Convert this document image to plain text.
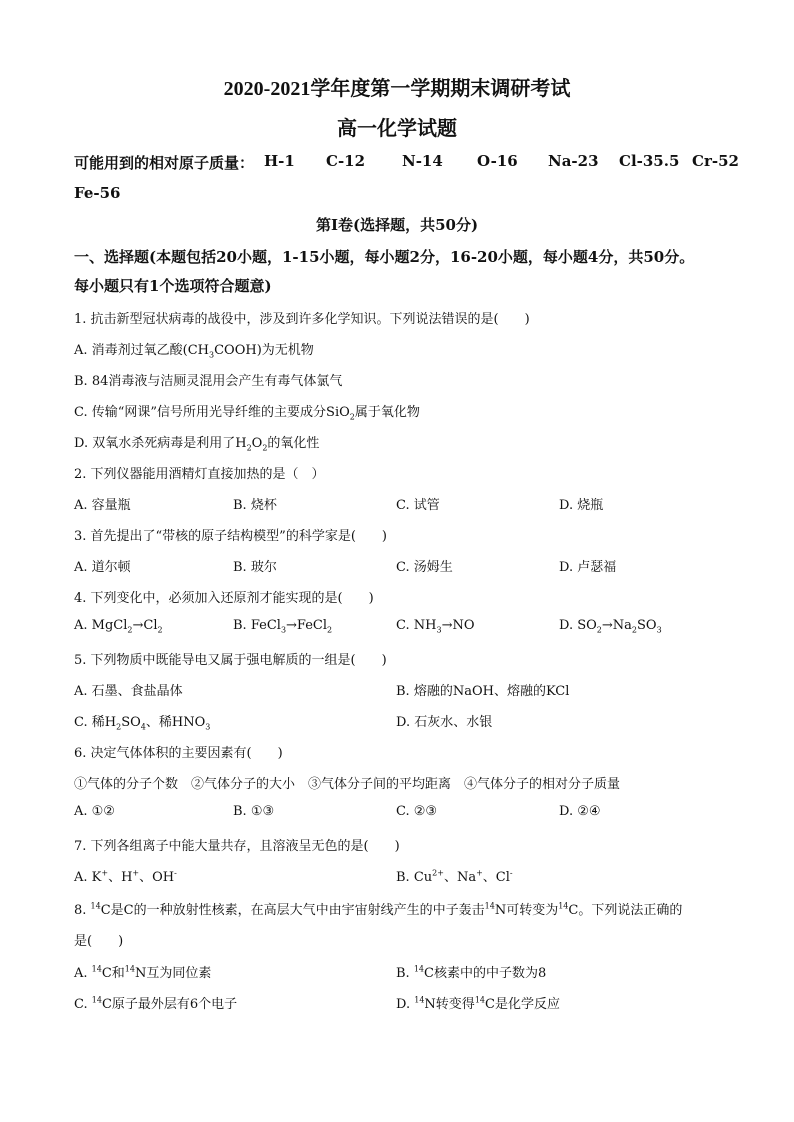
2020-2021学年度第一学期期末调研考试
高一化学试题
可能用到的相对原子质量： H-1 C-12 N-14 O-16 Na-23 Cl-35.5 Cr-52
Fe-56
第Ⅰ卷(选择题，共50分)
一、选择题(本题包括20小题，1-15小题，每小题2分，16-20小题，每小题4分，共50分。
每小题只有1个选项符合题意)
1. 抗击新型冠状病毒的战役中，涉及到许多化学知识。下列说法错误的是(　　)
A. 消毒剂过氧乙酸$(CH_3COOH)$为无机物
B. 84消毒液与洁厕灵混用会产生有毒气体氯气
C. 传输“网课”信号所用光导纤维的主要成分SiO$_2$属于氧化物
D. 双氧水杀死病毒是利用了$H_2O_2$的氧化性
2. 下列仪器能用酒精灯直接加热的是（　）
A. 容量瓶	B. 烧杯	C. 试管	D. 烧瓶
3. 首先提出了“带核的原子结构模型”的科学家是(　　)
A. 道尔顿	B. 玻尔	C. 汤姆生	D. 卢瑟福
4. 下列变化中，必须加入还原剂才能实现的是(　　)
A. $MgCl_2\to Cl_2$	B. FeCl$_3$→FeCl$_2$	C. $NH_3\to NO$	D. $SO_2\to Na_2SO_3$
5. 下列物质中既能导电又属于强电解质的一组是(　　)
A. 石墨、食盐晶体	B. 熔融的NaOH、熔融的KCl
C. 稀$H_2SO_4$、稀$HNO_3$	D. 石灰水、水银
6. 决定气体体积的主要因素有(　　)
①气体的分子个数　②气体分子的大小　③气体分子间的平均距离　④气体分子的相对分子质量
A. ①②	B. ①③	C. ②③	D. ②④
7. 下列各组离子中能大量共存，且溶液呈无色的是(　　)
A. K+、H+、OH-	B. $Cu^{2+}$、Na+、Cl-
8. $^{14}$C是C的一种放射性核素，在高层大气中由宇宙射线产生的中子轰击$^{14}$N可转变为$^{14}$C。下列说法正确的
是(　　)
A. $^{14}$C和$^{14}$N互为同位素	B. $^{14}$C核素中的中子数为8
C. $^{14}$C原子最外层有6个电子	D. $^{14}$N转变得$^{14}$C是化学反应
